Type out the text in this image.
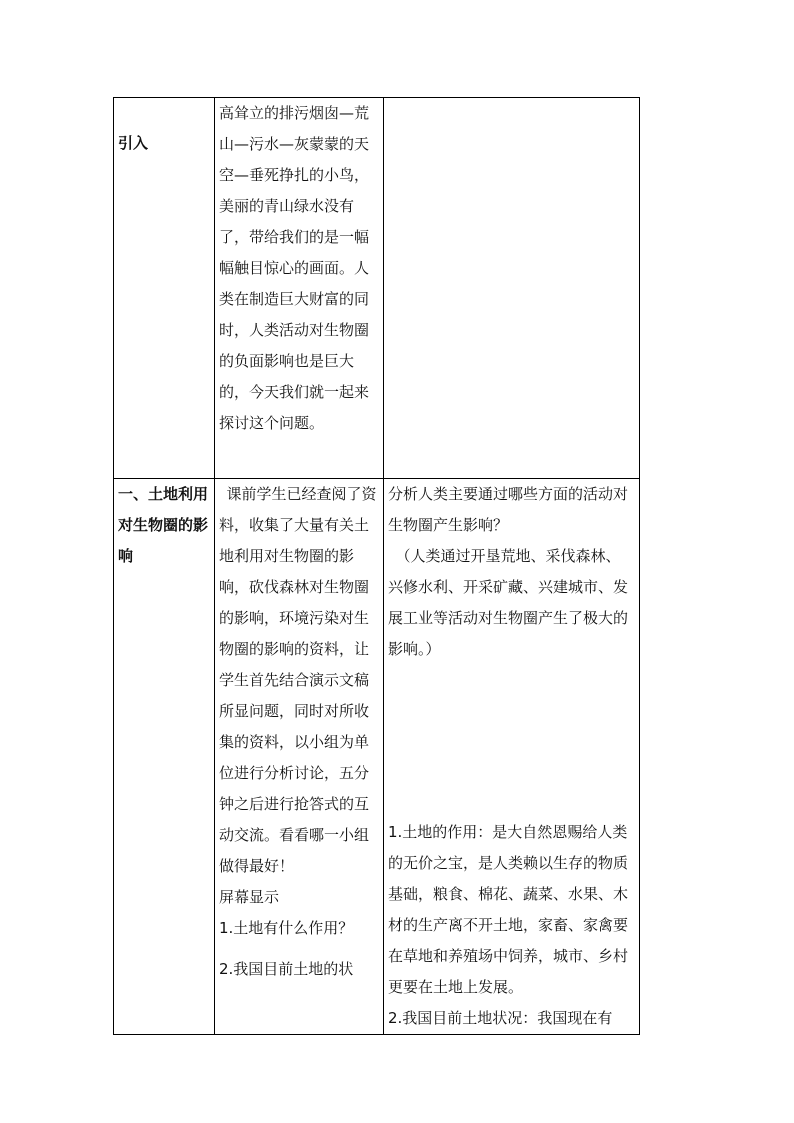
引入	高耸立的排污烟囱—荒山—污水—灰蒙蒙的天空—垂死挣扎的小鸟，美丽的青山绿水没有了，带给我们的是一幅幅触目惊心的画面。人类在制造巨大财富的同时，人类活动对生物圈的负面影响也是巨大的，今天我们就一起来探讨这个问题。	

一、土地利用对生物圈的影响	课前学生已经查阅了资料，收集了大量有关土地利用对生物圈的影响，砍伐森林对生物圈的影响，环境污染对生物圈的影响的资料，让学生首先结合演示文稿所显问题，同时对所收集的资料，以小组为单位进行分析讨论，五分钟之后进行抢答式的互动交流。看看哪一小组做得最好！
屏幕显示
1.土地有什么作用？
2.我国目前土地的状	分析人类主要通过哪些方面的活动对生物圈产生影响？
（人类通过开垦荒地、采伐森林、兴修水利、开采矿藏、兴建城市、发展工业等活动对生物圈产生了极大的影响。）
1.土地的作用：是大自然恩赐给人类的无价之宝，是人类赖以生存的物质基础，粮食、棉花、蔬菜、水果、木材的生产离不开土地，家畜、家禽要在草地和养殖场中饲养，城市、乡村更要在土地上发展。
2.我国目前土地状况：我国现在有
